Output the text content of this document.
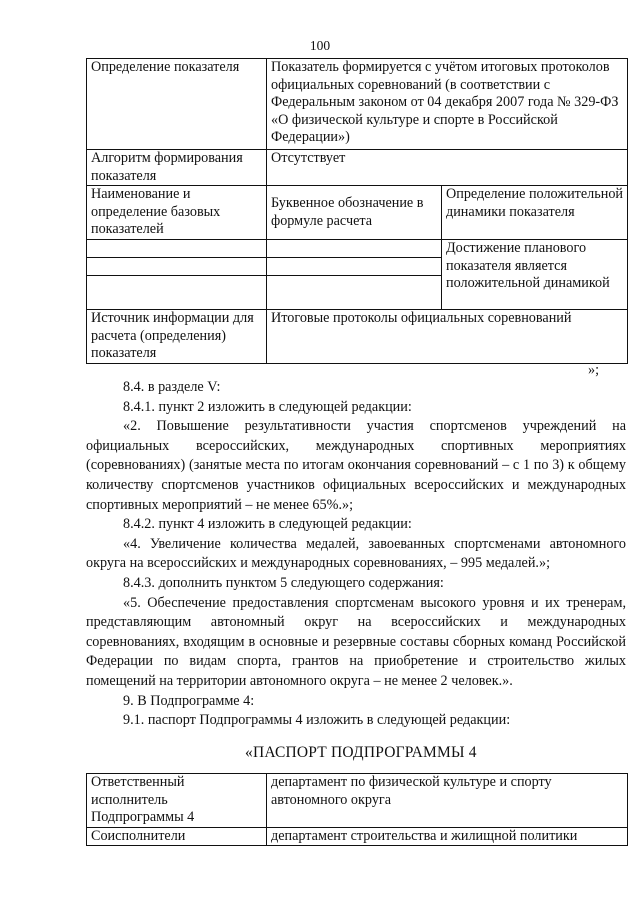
100
Определение показателя	Показатель формируется с учётом итоговых протоколов официальных соревнований (в соответствии с Федеральным законом от 04 декабря 2007 года № 329-ФЗ «О физической культуре и спорте в Российской Федерации»)	
Алгоритм формирования показателя	Отсутствует	
Наименование и определение базовых показателей	Буквенное обозначение в формуле расчета	Определение положительной динамики показателя

		Достижение планового показателя является положительной динамикой

Источник информации для расчета (определения) показателя	Итоговые протоколы официальных соревнований	
»;

8.4. в разделе V:

8.4.1. пункт 2 изложить в следующей редакции:

«2. Повышение результативности участия спортсменов учреждений на официальных всероссийских, международных спортивных мероприятиях (соревнованиях) (занятые места по итогам окончания соревнований – с 1 по 3) к общему количеству спортсменов участников официальных всероссийских и международных спортивных мероприятий – не менее 65%.»;

8.4.2. пункт 4 изложить в следующей редакции:

«4. Увеличение количества медалей, завоеванных спортсменами автономного округа на всероссийских и международных соревнованиях, – 995 медалей.»;

8.4.3. дополнить пунктом 5 следующего содержания:

«5. Обеспечение предоставления спортсменам высокого уровня и их тренерам, представляющим автономный округ на всероссийских и международных соревнованиях, входящим в основные и резервные составы сборных команд Российской Федерации по видам спорта, грантов на приобретение и строительство жилых помещений на территории автономного округа – не менее 2 человек.».

9. В Подпрограмме 4:

9.1. паспорт Подпрограммы 4 изложить в следующей редакции:

«ПАСПОРТ ПОДПРОГРАММЫ 4
Ответственный исполнитель Подпрограммы 4	департамент по физической культуре и спорту автономного округа
Соисполнители	департамент строительства и жилищной политики
